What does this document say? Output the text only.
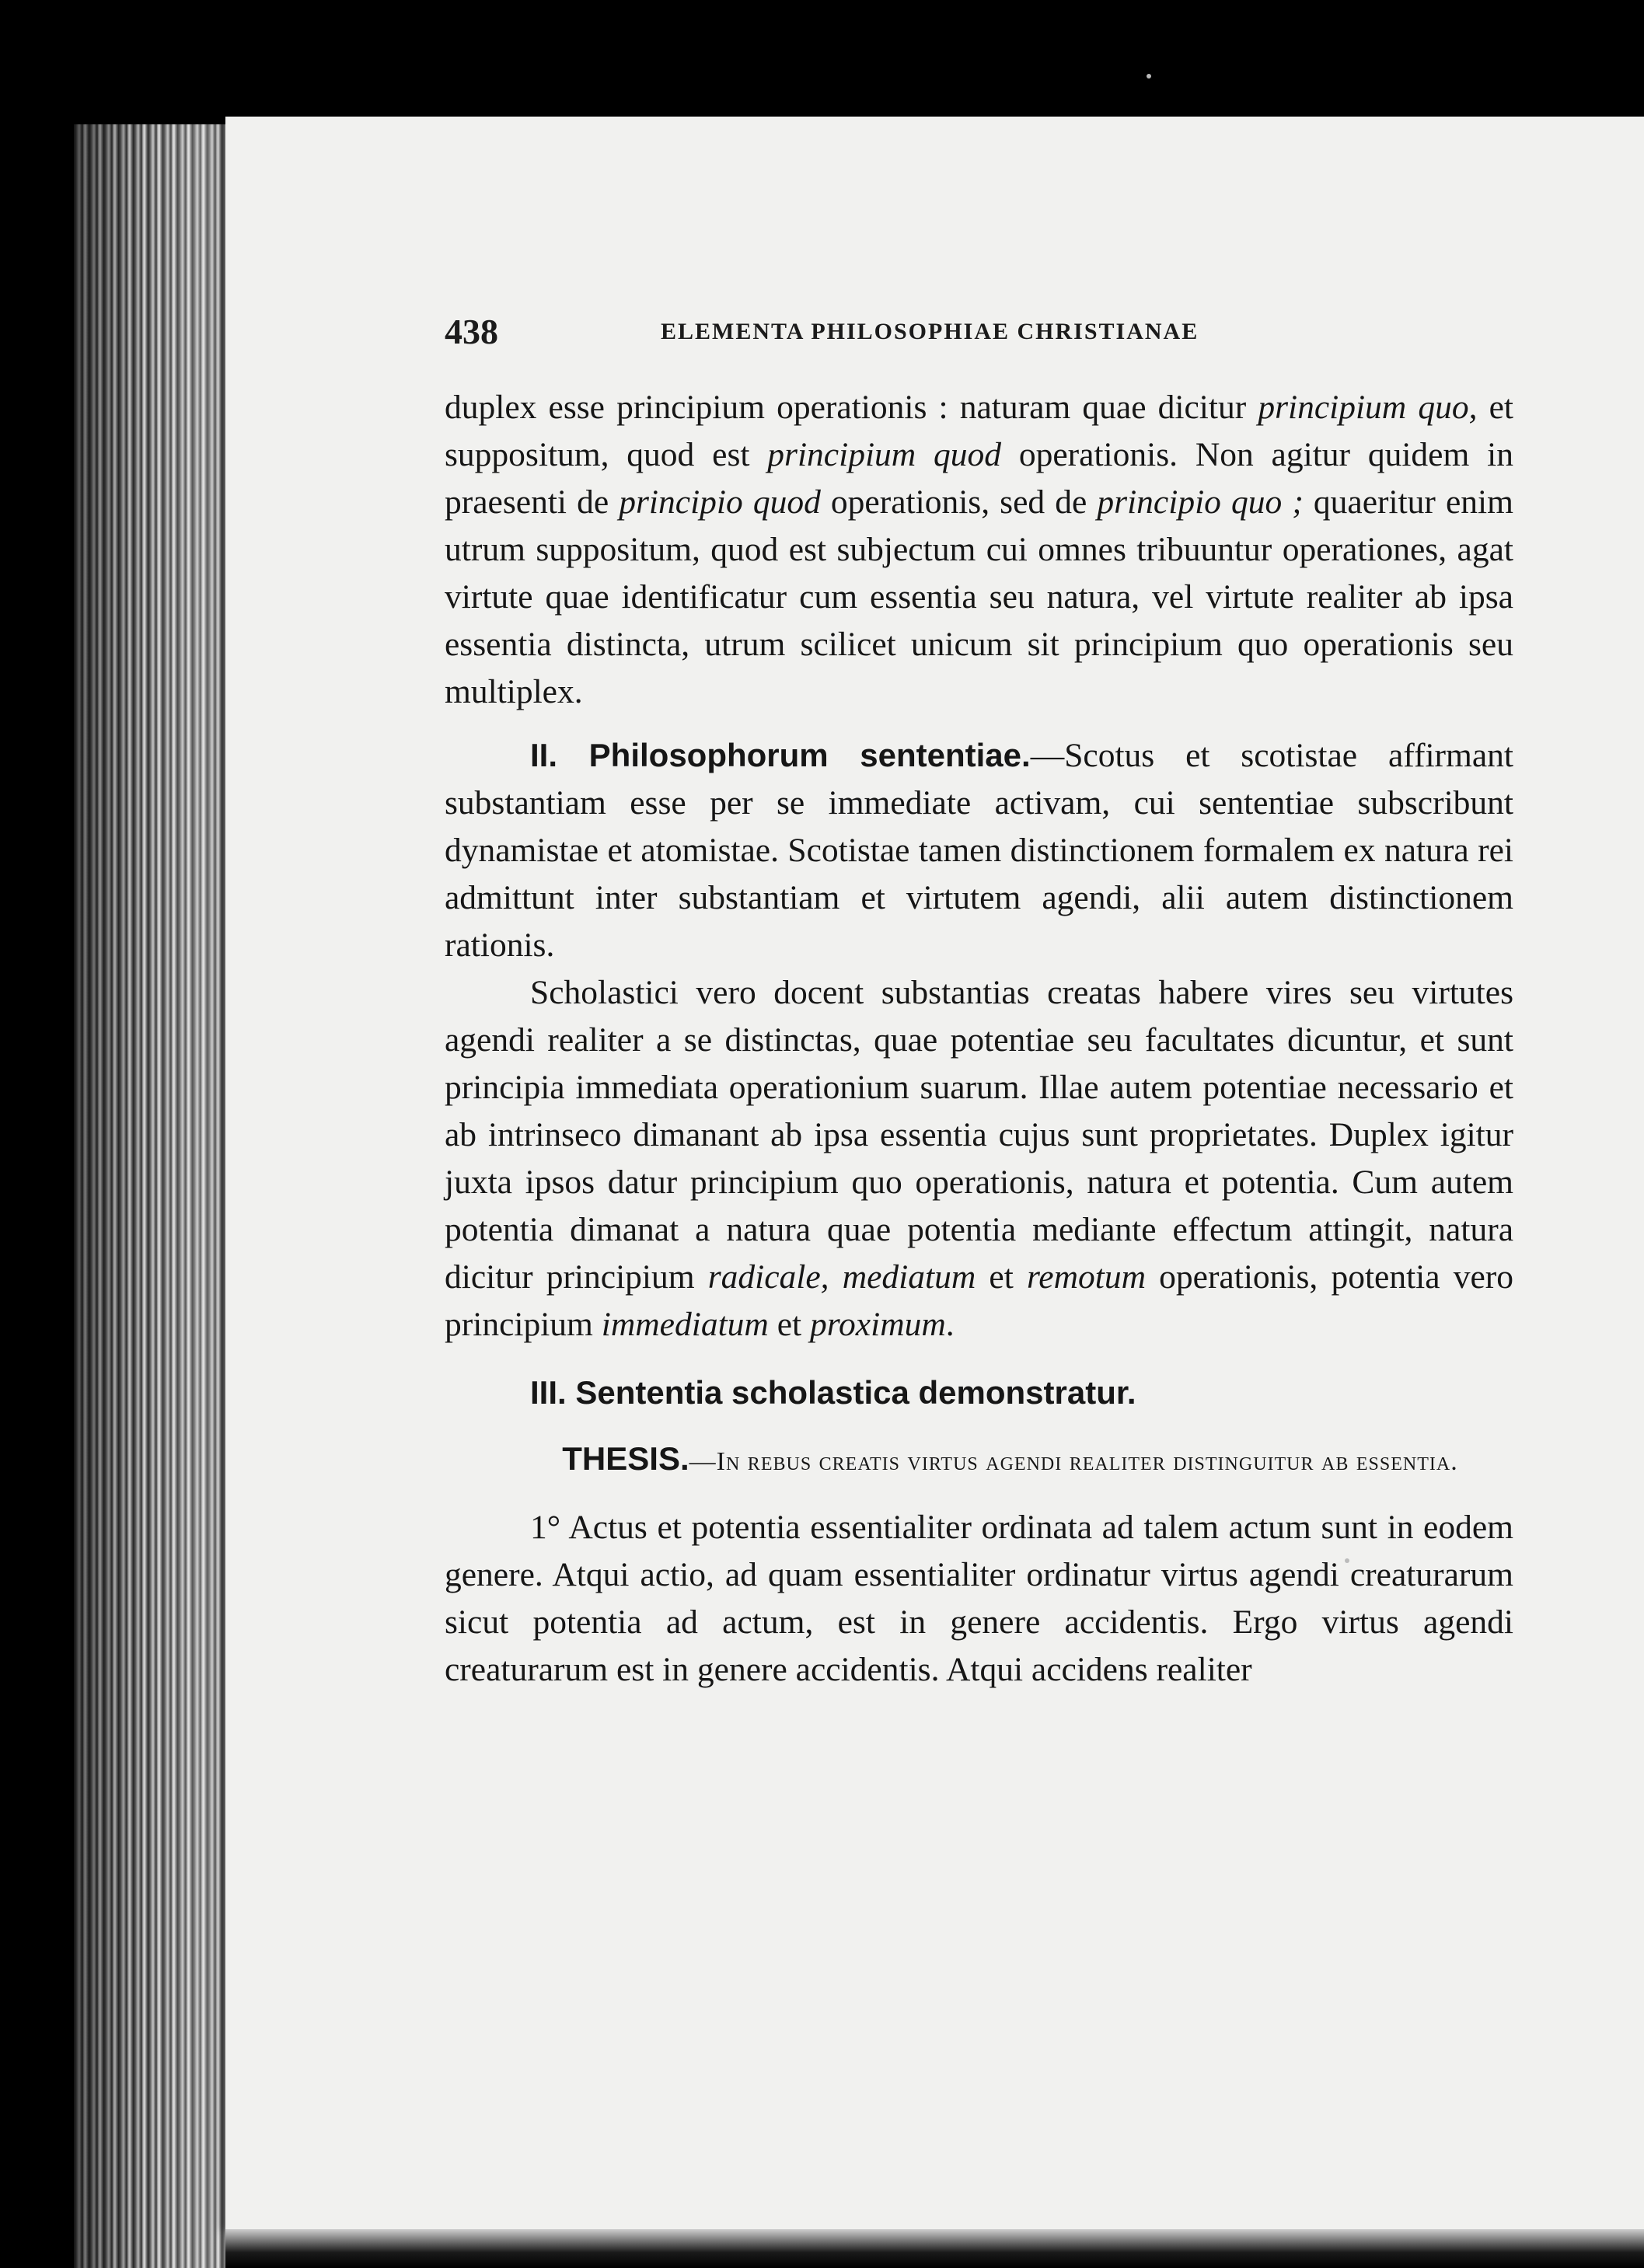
438	ELEMENTA PHILOSOPHIAE CHRISTIANAE

duplex esse principium operationis : naturam quae dicitur principium quo, et suppositum, quod est principium quod operationis. Non agitur quidem in praesenti de principio quod operationis, sed de principio quo ; quaeritur enim utrum suppositum, quod est subjectum cui omnes tribuuntur operationes, agat virtute quae identificatur cum essentia seu natura, vel virtute realiter ab ipsa essentia distincta, utrum scilicet unicum sit principium quo operationis seu multiplex.

II. Philosophorum sententiae.—Scotus et scotistae affirmant substantiam esse per se immediate activam, cui sententiae subscribunt dynamistae et atomistae. Scotistae tamen distinctionem formalem ex natura rei admittunt inter substantiam et virtutem agendi, alii autem distinctionem rationis.

Scholastici vero docent substantias creatas habere vires seu virtutes agendi realiter a se distinctas, quae potentiae seu facultates dicuntur, et sunt principia immediata operationium suarum. Illae autem potentiae necessario et ab intrinseco dimanant ab ipsa essentia cujus sunt proprietates. Duplex igitur juxta ipsos datur principium quo operationis, natura et potentia. Cum autem potentia dimanat a natura quae potentia mediante effectum attingit, natura dicitur principium radicale, mediatum et remotum operationis, potentia vero principium immediatum et proximum.

III. Sententia scholastica demonstratur.

THESIS.—In rebus creatis virtus agendi realiter distinguitur ab essentia.

1° Actus et potentia essentialiter ordinata ad talem actum sunt in eodem genere. Atqui actio, ad quam essentialiter ordinatur virtus agendi creaturarum sicut potentia ad actum, est in genere accidentis. Ergo virtus agendi creaturarum est in genere accidentis. Atqui accidens realiter
